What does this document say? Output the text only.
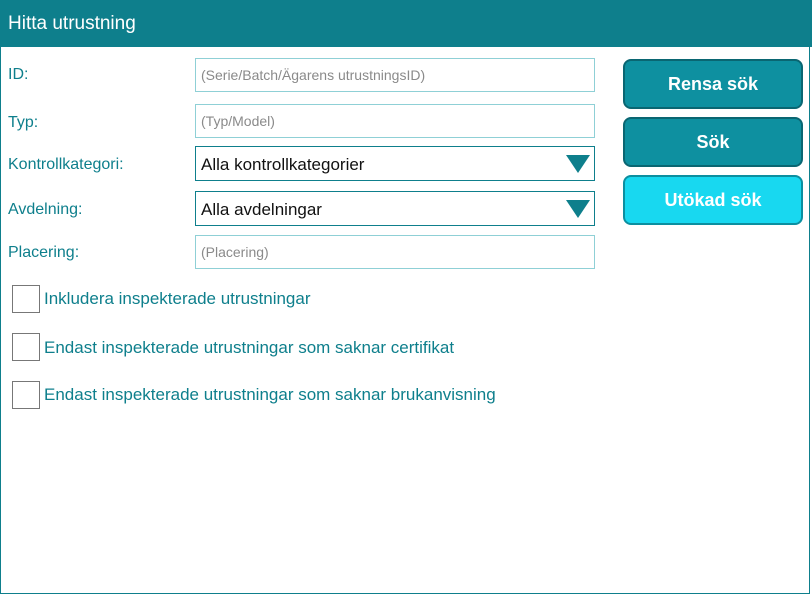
Hitta utrustning
ID:
(Serie/Batch/Ägarens utrustningsID)
Typ:
(Typ/Model)
Kontrollkategori:	Alla kontrollkategorier
Avdelning:	Alla avdelningar
Placering:
(Placering)
Inkludera inspekterade utrustningar
Endast inspekterade utrustningar som saknar certifikat
Endast inspekterade utrustningar som saknar brukanvisning
Rensa sök
Sök
Utökad sök
